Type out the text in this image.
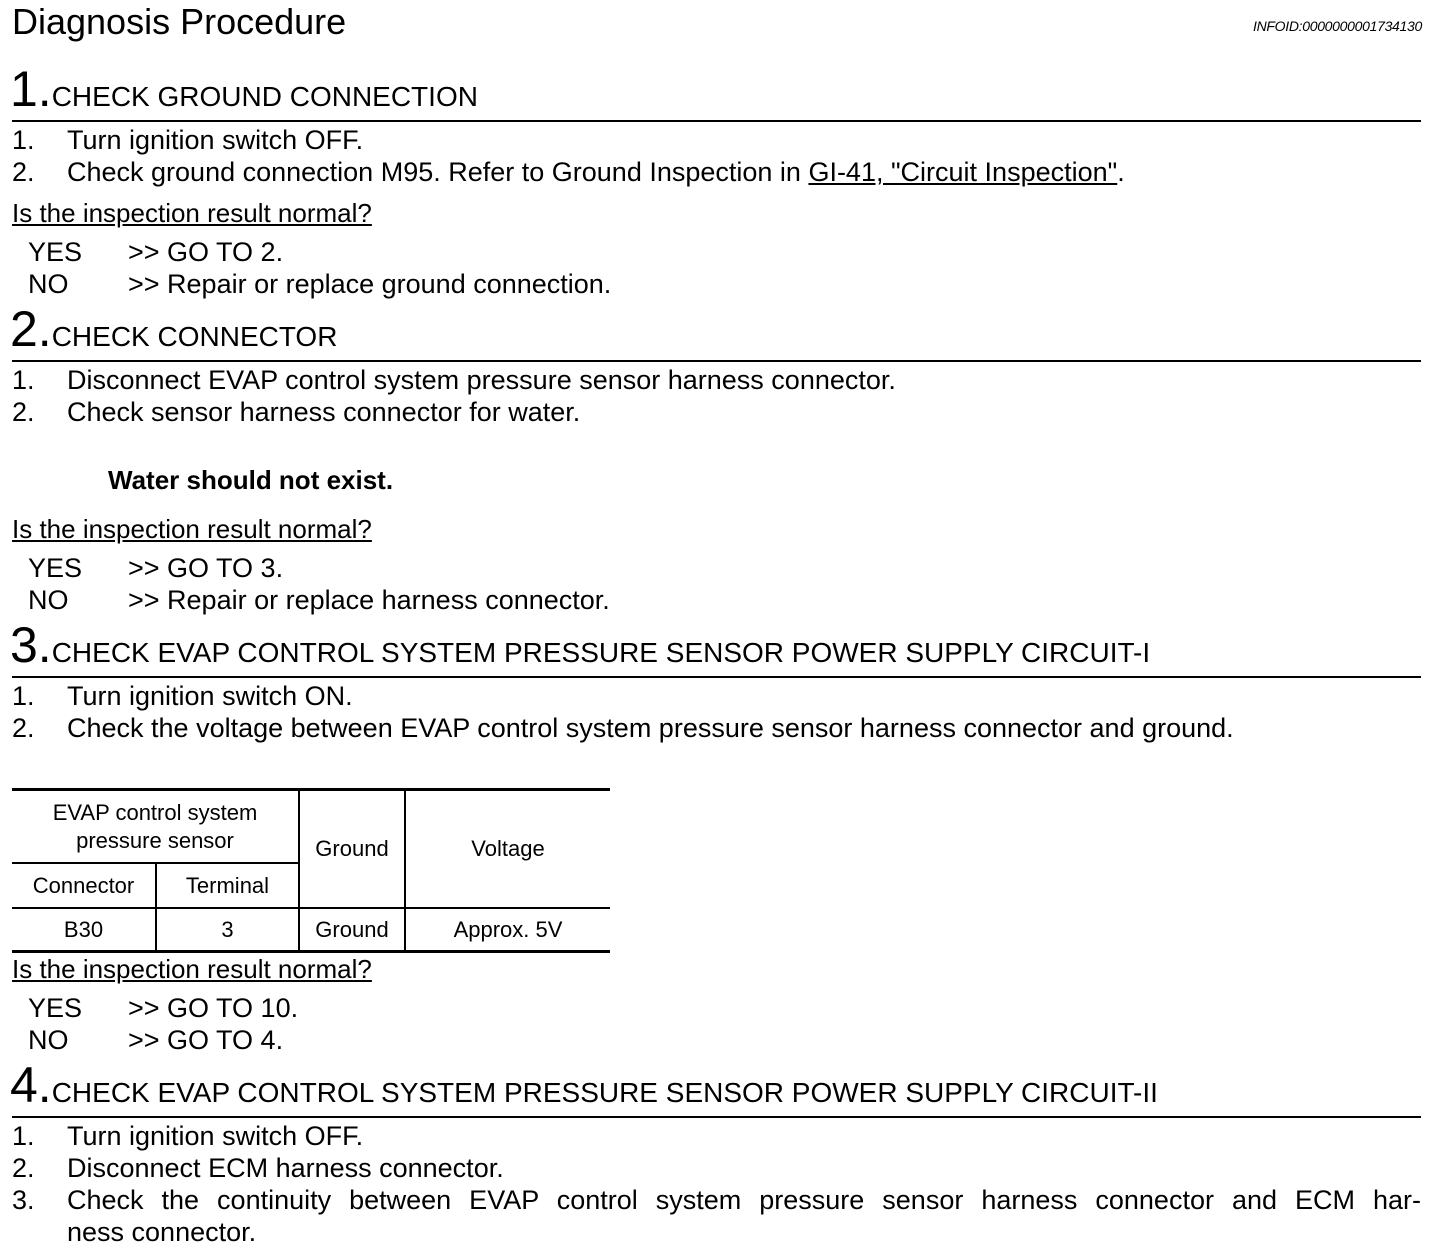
Diagnosis Procedure	INFOID:0000000001734130
1.CHECK GROUND CONNECTION
1. Turn ignition switch OFF.
2. Check ground connection M95. Refer to Ground Inspection in GI-41, "Circuit Inspection".
Is the inspection result normal?
YES >> GO TO 2.
NO >> Repair or replace ground connection.
2.CHECK CONNECTOR
1. Disconnect EVAP control system pressure sensor harness connector.
2. Check sensor harness connector for water.
Water should not exist.
Is the inspection result normal?
YES >> GO TO 3.
NO >> Repair or replace harness connector.
3.CHECK EVAP CONTROL SYSTEM PRESSURE SENSOR POWER SUPPLY CIRCUIT-I
1. Turn ignition switch ON.
2. Check the voltage between EVAP control system pressure sensor harness connector and ground.
EVAP control system pressure sensor		Ground	Voltage
Connector	Terminal		
B30	3	Ground	Approx. 5V
Is the inspection result normal?
YES >> GO TO 10.
NO >> GO TO 4.
4.CHECK EVAP CONTROL SYSTEM PRESSURE SENSOR POWER SUPPLY CIRCUIT-II
1. Turn ignition switch OFF.
2. Disconnect ECM harness connector.
3. Check the continuity between EVAP control system pressure sensor harness connector and ECM har-
ness connector.
